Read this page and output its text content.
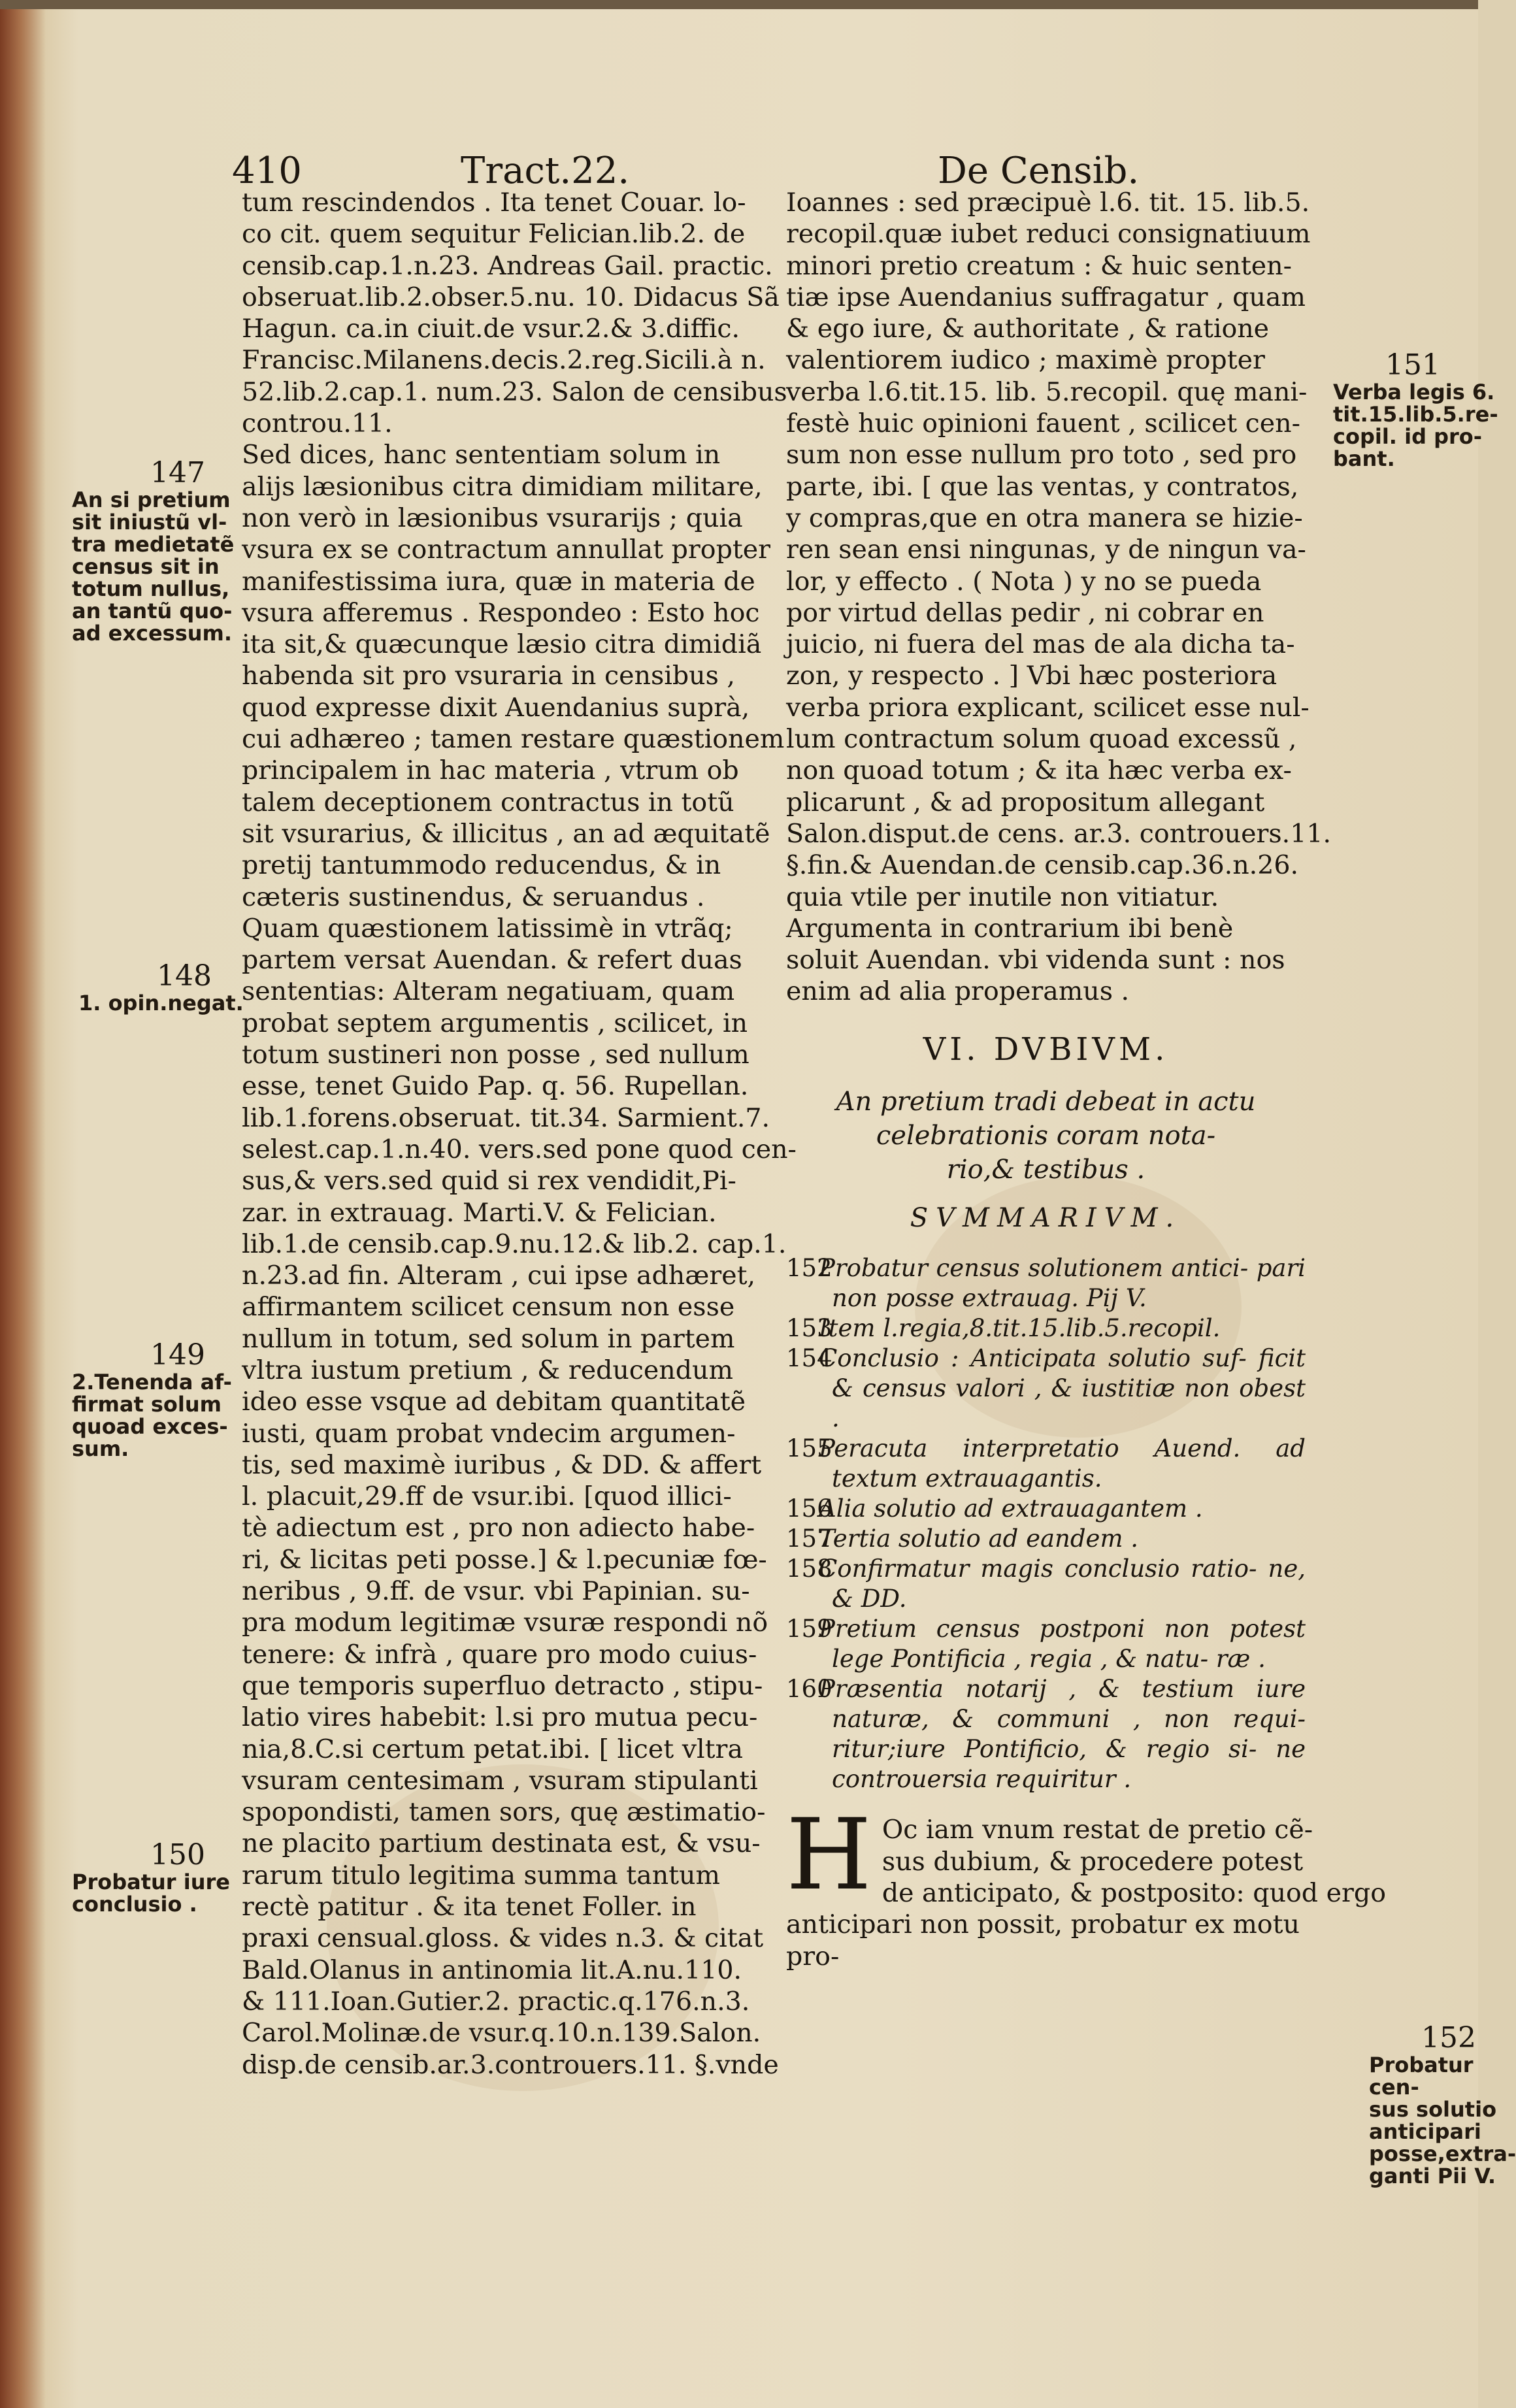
410	Tract.22.	De Censib.
tum rescindendos . Ita tenet Couar. lo-
co cit. quem sequitur Felician.lib.2. de
censib.cap.1.n.23. Andreas Gail. practic.
obseruat.lib.2.obser.5.nu. 10. Didacus Sã
Hagun. ca.in ciuit.de vsur.2.& 3.diffic.
Francisc.Milanens.decis.2.reg.Sicili.à n.
52.lib.2.cap.1. num.23. Salon de censibus
controu.11.
Sed dices, hanc sententiam solum in
alijs læsionibus citra dimidiam militare,
non verò in læsionibus vsurarijs ; quia
vsura ex se contractum annullat propter
manifestissima iura, quæ in materia de
vsura afferemus . Respondeo : Esto hoc
ita sit,& quæcunque læsio citra dimidiã
habenda sit pro vsuraria in censibus ,
quod expresse dixit Auendanius suprà,
cui adhæreo ; tamen restare quæstionem
principalem in hac materia , vtrum ob
talem deceptionem contractus in totũ
sit vsurarius, & illicitus , an ad æquitatẽ
pretij tantummodo reducendus, & in
cæteris sustinendus, & seruandus .
Quam quæstionem latissimè in vtrãq;
partem versat Auendan. & refert duas
sententias: Alteram negatiuam, quam
probat septem argumentis , scilicet, in
totum sustineri non posse , sed nullum
esse, tenet Guido Pap. q. 56. Rupellan.
lib.1.forens.obseruat. tit.34. Sarmient.7.
selest.cap.1.n.40. vers.sed pone quod cen-
sus,& vers.sed quid si rex vendidit,Pi-
zar. in extrauag. Marti.V. & Felician.
lib.1.de censib.cap.9.nu.12.& lib.2. cap.1.
n.23.ad fin. Alteram , cui ipse adhæret,
affirmantem scilicet censum non esse
nullum in totum, sed solum in partem
vltra iustum pretium , & reducendum
ideo esse vsque ad debitam quantitatẽ
iusti, quam probat vndecim argumen-
tis, sed maximè iuribus , & DD. & affert
l. placuit,29.ff de vsur.ibi. [quod illici-
tè adiectum est , pro non adiecto habe-
ri, & licitas peti posse.] & l.pecuniæ fœ-
neribus , 9.ff. de vsur. vbi Papinian. su-
pra modum legitimæ vsuræ respondi nõ
tenere: & infrà , quare pro modo cuius-
que temporis superfluo detracto , stipu-
latio vires habebit: l.si pro mutua pecu-
nia,8.C.si certum petat.ibi. [ licet vltra
vsuram centesimam , vsuram stipulanti
spopondisti, tamen sors, quę æstimatio-
ne placito partium destinata est, & vsu-
rarum titulo legitima summa tantum
rectè patitur . & ita tenet Foller. in
praxi censual.gloss. & vides n.3. & citat
Bald.Olanus in antinomia lit.A.nu.110.
& 111.Ioan.Gutier.2. practic.q.176.n.3.
Carol.Molinæ.de vsur.q.10.n.139.Salon.
disp.de censib.ar.3.controuers.11. §.vnde
Ioannes : sed præcipuè l.6. tit. 15. lib.5.
recopil.quæ iubet reduci consignatiuum
minori pretio creatum : & huic senten-
tiæ ipse Auendanius suffragatur , quam
& ego iure, & authoritate , & ratione
valentiorem iudico ; maximè propter
verba l.6.tit.15. lib. 5.recopil. quę mani-
festè huic opinioni fauent , scilicet cen-
sum non esse nullum pro toto , sed pro
parte, ibi. [ que las ventas, y contratos,
y compras,que en otra manera se hizie-
ren sean ensi ningunas, y de ningun va-
lor, y effecto . ( Nota ) y no se pueda
por virtud dellas pedir , ni cobrar en
juicio, ni fuera del mas de ala dicha ta-
zon, y respecto . ] Vbi hæc posteriora
verba priora explicant, scilicet esse nul-
lum contractum solum quoad excessũ ,
non quoad totum ; & ita hæc verba ex-
plicarunt , & ad propositum allegant
Salon.disput.de cens. ar.3. controuers.11.
§.fin.& Auendan.de censib.cap.36.n.26.
quia vtile per inutile non vitiatur.
Argumenta in contrarium ibi benè
soluit Auendan. vbi videnda sunt : nos
enim ad alia properamus .
VI. DVBIVM.
An pretium tradi debeat in actu
celebrationis coram nota-
rio,& testibus .
SVMMARIVM.
152
Probatur census solutionem antici- pari non posse extrauag. Pij V.
153
Item l.regia,8.tit.15.lib.5.recopil.
154
Conclusio : Anticipata solutio suf- ficit & census valori , & iustitiæ non obest .
155
Peracuta interpretatio Auend. ad textum extrauagantis.
156
Alia solutio ad extrauagantem .
157
Tertia solutio ad eandem .
158
Confirmatur magis conclusio ratio- ne, & DD.
159
Pretium census postponi non potest lege Pontificia , regia , & natu- ræ .
160
Præsentia notarij , & testium iure naturæ, & communi , non requi- ritur;iure Pontificio, & regio si- ne controuersia requiritur .
H Oc iam vnum restat de pretio cẽ-
sus dubium, & procedere potest
de anticipato, & postposito: quod ergo
anticipari non possit, probatur ex motu
pro-
147
An si pretium
sit iniustũ vl-
tra medietatẽ
census sit in
totum nullus,
an tantũ quo-
ad excessum.
148
1. opin.negat.
149
2.Tenenda af-
firmat solum
quoad exces-
sum.
150
Probatur iure
conclusio .
151
Verba legis 6.
tit.15.lib.5.re-
copil. id pro-
bant.
152
Probatur cen-
sus solutio
anticipari
posse,extra-
ganti Pii V.
